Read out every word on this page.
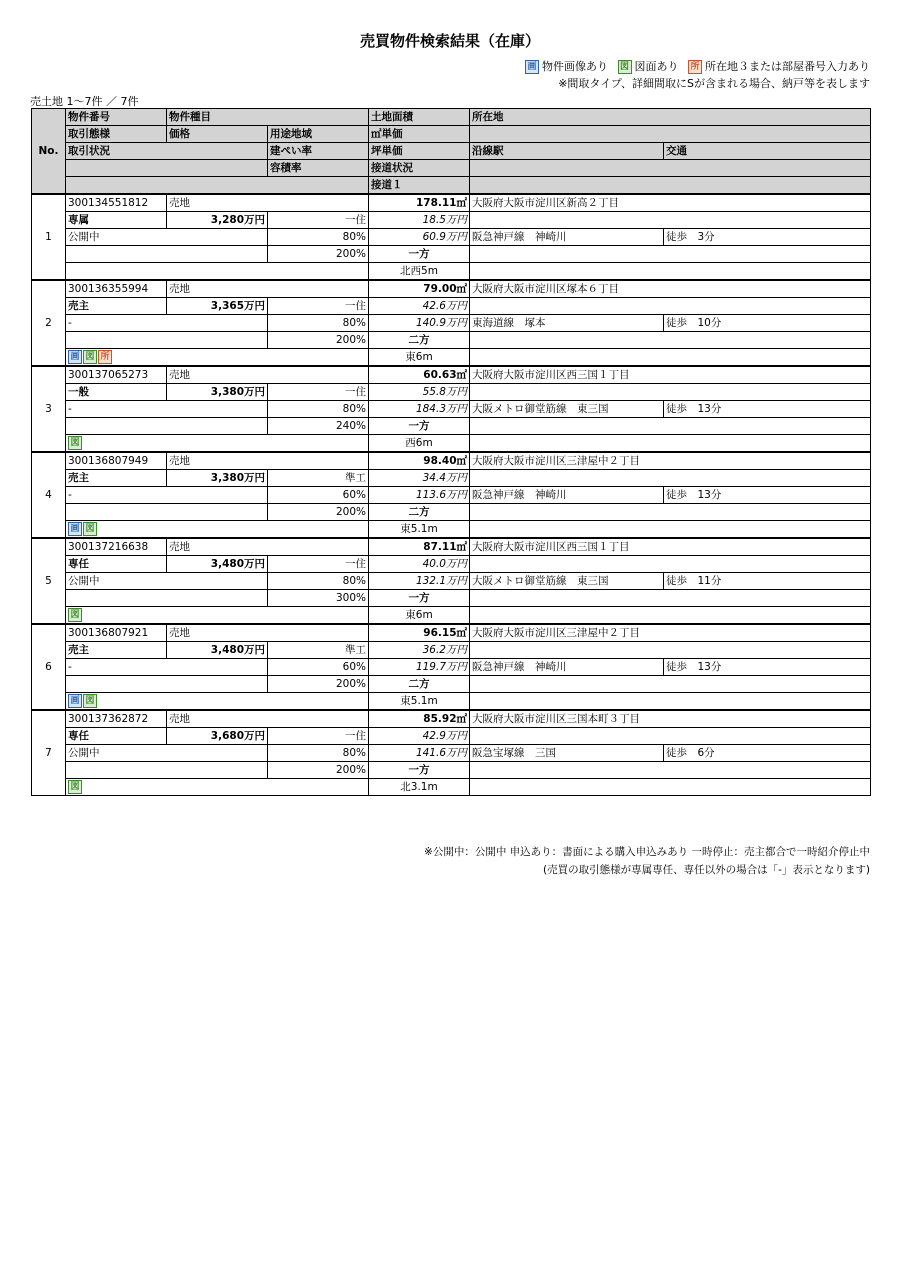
売買物件検索結果（在庫）
画 物件画像あり 図 図面あり 所 所在地３または部屋番号入力あり
※間取タイプ、詳細間取にSが含まれる場合、納戸等を表します
売土地 1〜7件 ／ 7件
No.	物件番号	物件種目		土地面積	所在地	
	取引態様	価格	用途地域	㎡単価		
	取引状況		建ぺい率	坪単価	沿線駅	交通
			容積率	接道状況		
				接道１		
1	300134551812	売地		178.11㎡	大阪府大阪市淀川区新高２丁目	
	専属	3,280万円	一住	18.5万円		
	公開中		80%	60.9万円	阪急神戸線　神崎川	徒歩　 3分
			200%	一方		
				北西5m		
2	300136355994	売地		79.00㎡	大阪府大阪市淀川区塚本６丁目	
	売主	3,365万円	一住	42.6万円		
	-		80%	140.9万円	東海道線　塚本	徒歩　 10分
			200%	二方		
	画 図 所			東6m		
3	300137065273	売地		60.63㎡	大阪府大阪市淀川区西三国１丁目	
	一般	3,380万円	一住	55.8万円		
	-		80%	184.3万円	大阪メトロ御堂筋線　東三国	徒歩　 13分
			240%	一方		
	図			西6m		
4	300136807949	売地		98.40㎡	大阪府大阪市淀川区三津屋中２丁目	
	売主	3,380万円	準工	34.4万円		
	-		60%	113.6万円	阪急神戸線　神崎川	徒歩　 13分
			200%	二方		
	画 図			東5.1m		
5	300137216638	売地		87.11㎡	大阪府大阪市淀川区西三国１丁目	
	専任	3,480万円	一住	40.0万円		
	公開中		80%	132.1万円	大阪メトロ御堂筋線　東三国	徒歩　 11分
			300%	一方		
	図			東6m		
6	300136807921	売地		96.15㎡	大阪府大阪市淀川区三津屋中２丁目	
	売主	3,480万円	準工	36.2万円		
	-		60%	119.7万円	阪急神戸線　神崎川	徒歩　 13分
			200%	二方		
	画 図			東5.1m		
7	300137362872	売地		85.92㎡	大阪府大阪市淀川区三国本町３丁目	
	専任	3,680万円	一住	42.9万円		
	公開中		80%	141.6万円	阪急宝塚線　三国	徒歩　 6分
			200%	一方		
	図			北3.1m		
※公開中：公開中 申込あり：書面による購入申込みあり 一時停止：売主都合で一時紹介停止中
(売買の取引態様が専属専任、専任以外の場合は「-」表示となります)
